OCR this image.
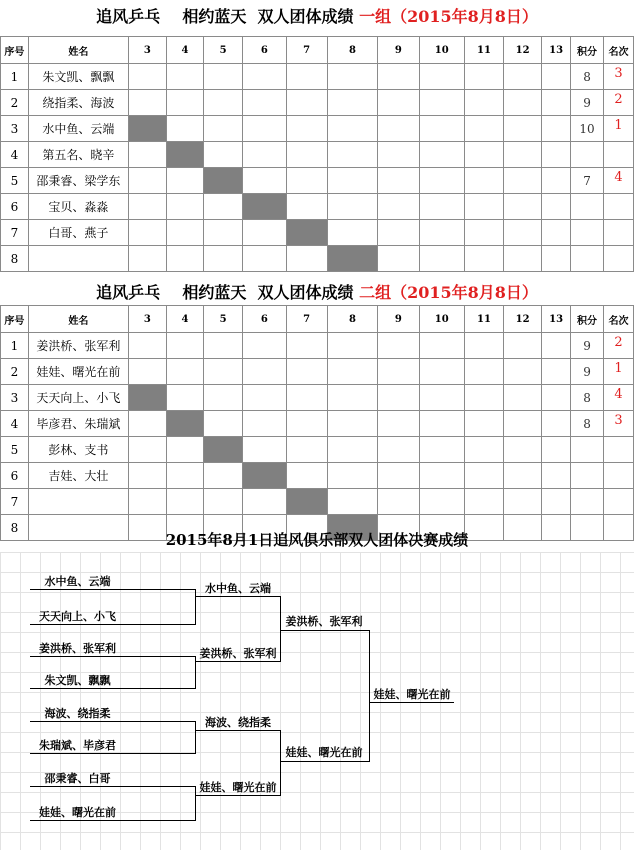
追风乒乓    相约蓝天  双人团体成绩 一组（2015年8月8日）
序号	姓名	3	4	5	6	7	8	9	10	11	12	13	积分	名次
1	朱文凯、飘飘												8	3
2	绕指柔、海波												9	2
3	水中鱼、云端												10	1
4	第五名、晓辛													
5	邵秉睿、梁学东												7	4
6	宝贝、淼淼													
7	白哥、燕子													
8														
追风乒乓    相约蓝天  双人团体成绩 二组（2015年8月8日）
序号	姓名	3	4	5	6	7	8	9	10	11	12	13	积分	名次
1	姜洪桥、张军利												9	2
2	娃娃、曙光在前												9	1
3	天天向上、小飞												8	4
4	毕彦君、朱瑞斌												8	3
5	彭林、支书													
6	吉娃、大壮													
7														
8														
2015年8月1日追风俱乐部双人团体决赛成绩
水中鱼、云端
天天向上、小飞
姜洪桥、张军利
朱文凯、飘飘
海波、绕指柔
朱瑞斌、毕彦君
邵秉睿、白哥
娃娃、曙光在前
水中鱼、云端
姜洪桥、张军利
海波、绕指柔
娃娃、曙光在前
姜洪桥、张军利
娃娃、曙光在前
娃娃、曙光在前
